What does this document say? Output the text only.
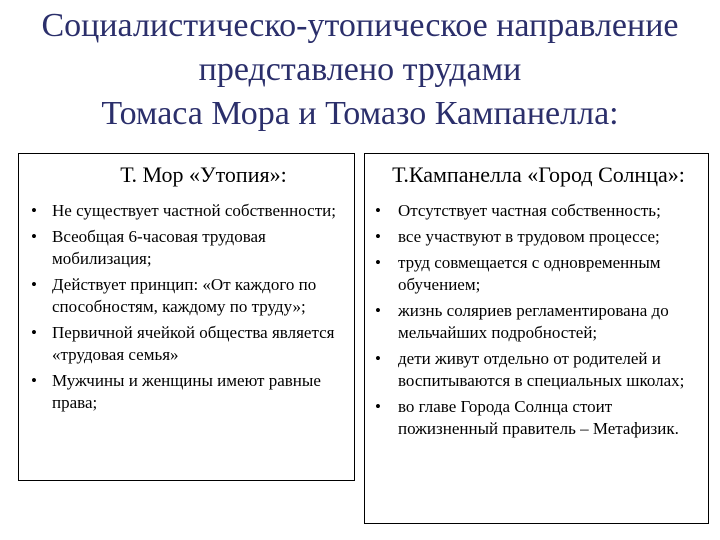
Социалистическо-утопическое направление
представлено трудами
Томаса Мора и Томазо Кампанелла:
Т. Мор «Утопия»:
• Не существует частной собственности;
• Всеобщая 6-часовая трудовая мобилизация;
• Действует принцип: «От каждого по способностям, каждому по труду»;
• Первичной ячейкой общества является «трудовая семья»
• Мужчины и женщины имеют равные права;
Т.Кампанелла «Город Солнца»:
• Отсутствует частная собственность;
• все участвуют в трудовом процессе;
• труд совмещается с одновременным обучением;
• жизнь соляриев регламентирована до мельчайших подробностей;
• дети живут отдельно от родителей и воспитываются в специальных школах;
• во главе Города Солнца стоит пожизненный правитель – Метафизик.
